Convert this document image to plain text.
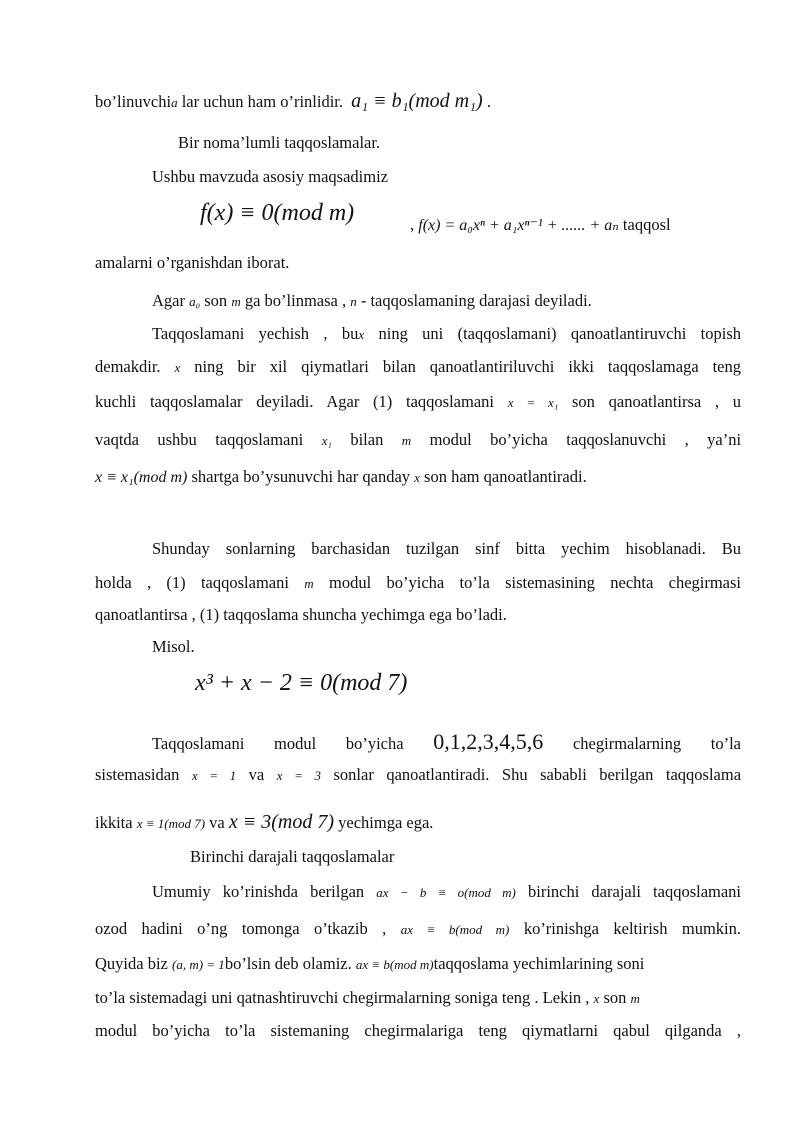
bo’linuvchia lar uchun ham o’rinlidir. a₁ ≡ b₁(mod m₁) .
Bir noma’lumli taqqoslamalar.
Ushbu mavzuda asosiy maqsadimiz
f(x) ≡ 0(mod m)	, f(x) = a₀xⁿ + a₁xⁿ⁻¹ + ...... + aₙ taqqosl
amalarni o’rganishdan iborat.
Agar a₀ son m ga bo’linmasa , n - taqqoslamaning darajasi deyiladi.
Taqqoslamani yechish , bux ning uni (taqqoslamani) qanoatlantiruvchi topish
demakdir. x ning bir xil qiymatlari bilan qanoatlantiriluvchi ikki taqqoslamaga teng
kuchli taqqoslamalar deyiladi. Agar (1) taqqoslamani x = x₁ son qanoatlantirsa , u
vaqtda ushbu taqqoslamani x₁ bilan m modul bo’yicha taqqoslanuvchi , ya’ni
x ≡ x₁(mod m) shartga bo’ysunuvchi har qanday x son ham qanoatlantiradi.
Shunday sonlarning barchasidan tuzilgan sinf bitta yechim hisoblanadi. Bu
holda , (1) taqqoslamani m modul bo’yicha to’la sistemasining nechta chegirmasi
qanoatlantirsa , (1) taqqoslama shuncha yechimga ega bo’ladi.
Misol.
x³ + x − 2 ≡ 0(mod 7)
Taqqoslamani modul bo’yicha 0,1,2,3,4,5,6 chegirmalarning to’la
sistemasidan x = 1 va x = 3 sonlar qanoatlantiradi. Shu sababli berilgan taqqoslama
ikkita x ≡ 1(mod 7) va x ≡ 3(mod 7) yechimga ega.
Birinchi darajali taqqoslamalar
Umumiy ko’rinishda berilgan ax − b ≡ o(mod m) birinchi darajali taqqoslamani
ozod hadini o’ng tomonga o’tkazib , ax ≡ b(mod m) ko’rinishga keltirish mumkin.
Quyida biz (a, m) = 1bo’lsin deb olamiz. ax ≡ b(mod m)taqqoslama yechimlarining soni
to’la sistemadagi uni qatnashtiruvchi chegirmalarning soniga teng . Lekin , x son m
modul bo’yicha to’la sistemaning chegirmalariga teng qiymatlarni qabul qilganda ,
